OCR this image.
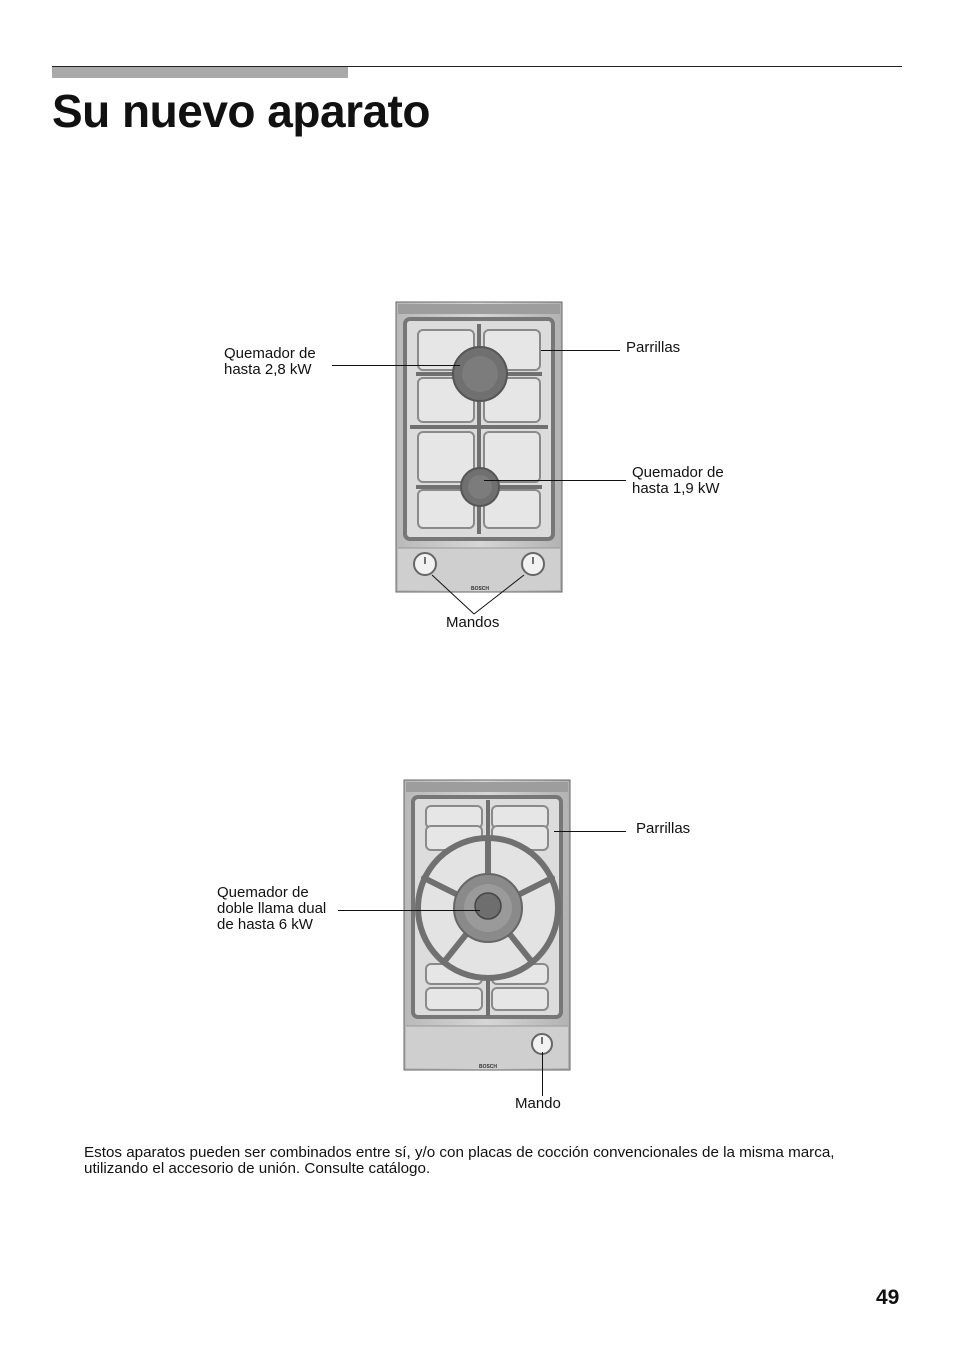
Su nuevo aparato
BOSCH
Quemador de
hasta 2,8 kW
Parrillas
Quemador de
hasta 1,9 kW
Mandos
BOSCH
Parrillas
Quemador de
doble llama dual
de hasta 6 kW
Mando

Estos aparatos pueden ser combinados entre sí, y/o con placas de cocción convencionales de la misma marca, utilizando el accesorio de unión. Consulte catálogo.

49
